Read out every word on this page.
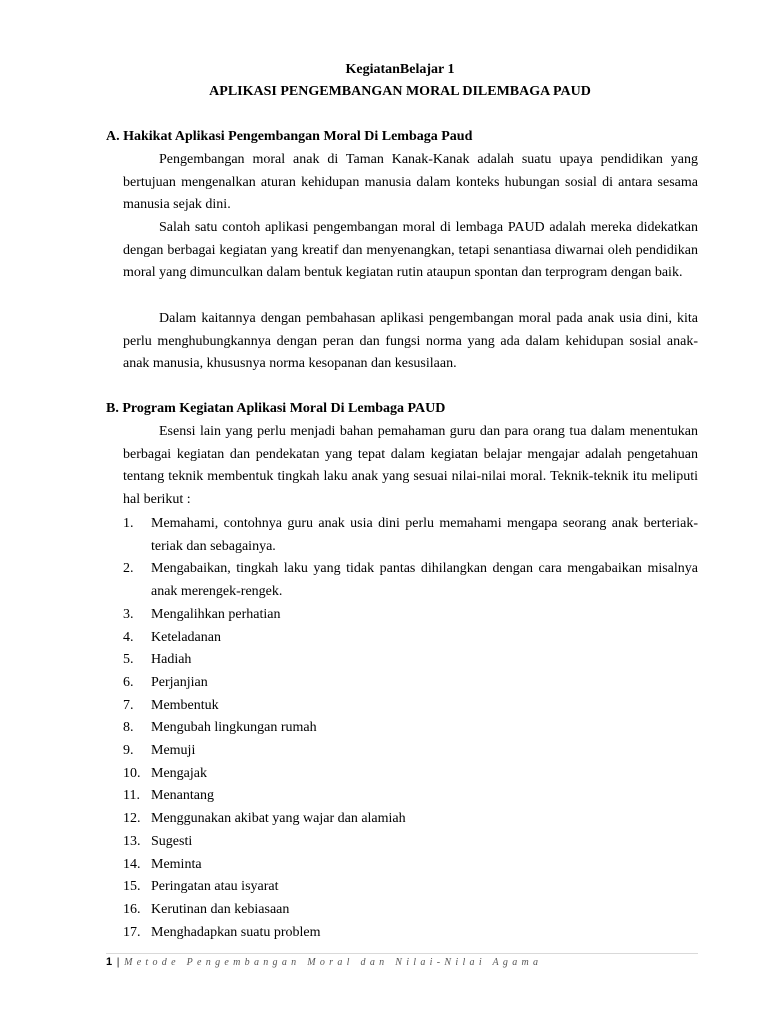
KegiatanBelajar 1
APLIKASI PENGEMBANGAN MORAL DILEMBAGA PAUD
A. Hakikat Aplikasi Pengembangan Moral Di Lembaga Paud

Pengembangan moral anak di Taman Kanak-Kanak adalah suatu upaya pendidikan yang bertujuan mengenalkan aturan kehidupan manusia dalam konteks hubungan sosial di antara sesama manusia sejak dini.

Salah satu contoh aplikasi pengembangan moral di lembaga PAUD adalah mereka didekatkan dengan berbagai kegiatan yang kreatif dan menyenangkan, tetapi senantiasa diwarnai oleh pendidikan moral yang dimunculkan dalam bentuk kegiatan rutin ataupun spontan dan terprogram dengan baik.

Dalam kaitannya dengan pembahasan aplikasi pengembangan moral pada anak usia dini, kita perlu menghubungkannya dengan peran dan fungsi norma yang ada dalam kehidupan sosial anak-anak manusia, khususnya norma kesopanan dan kesusilaan.

B. Program Kegiatan Aplikasi Moral Di Lembaga PAUD

Esensi lain yang perlu menjadi bahan pemahaman guru dan para orang tua dalam menentukan berbagai kegiatan dan pendekatan yang tepat dalam kegiatan belajar mengajar adalah pengetahuan tentang teknik membentuk tingkah laku anak yang sesuai nilai-nilai moral. Teknik-teknik itu meliputi hal berikut :

1. Memahami, contohnya guru anak usia dini perlu memahami mengapa seorang anak berteriak-teriak dan sebagainya.
2. Mengabaikan, tingkah laku yang tidak pantas dihilangkan dengan cara mengabaikan misalnya anak merengek-rengek.
3. Mengalihkan perhatian
4. Keteladanan
5. Hadiah
6. Perjanjian
7. Membentuk
8. Mengubah lingkungan rumah
9. Memuji
10. Mengajak
11. Menantang
12. Menggunakan akibat yang wajar dan alamiah
13. Sugesti
14. Meminta
15. Peringatan atau isyarat
16. Kerutinan dan kebiasaan
17. Menghadapkan suatu problem
1 | Metode Pengembangan Moral dan Nilai-Nilai Agama
